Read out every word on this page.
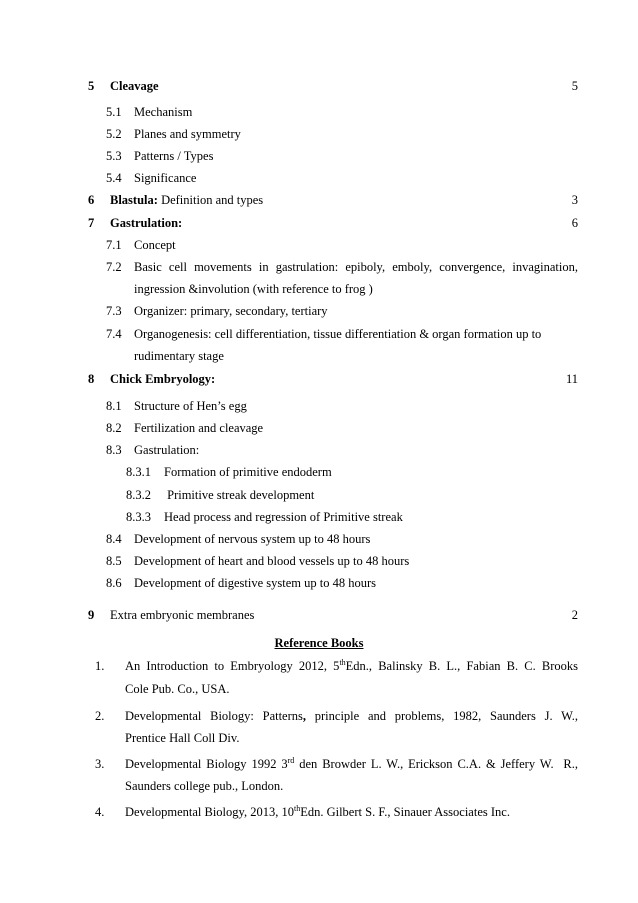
5 Cleavage	5
5.1 Mechanism
5.2 Planes and symmetry
5.3 Patterns / Types
5.4 Significance
6 Blastula: Definition and types	3
7 Gastrulation:	6
7.1 Concept
7.2 Basic cell movements in gastrulation: epiboly, emboly, convergence, invagination,
ingression &involution (with reference to frog )
7.3 Organizer: primary, secondary, tertiary
7.4 Organogenesis: cell differentiation, tissue differentiation & organ formation up to
rudimentary stage
8 Chick Embryology:	11
8.1 Structure of Hen’s egg
8.2 Fertilization and cleavage
8.3 Gastrulation:
8.3.1 Formation of primitive endoderm
8.3.2 Primitive streak development
8.3.3 Head process and regression of Primitive streak
8.4 Development of nervous system up to 48 hours
8.5 Development of heart and blood vessels up to 48 hours
8.6 Development of digestive system up to 48 hours
9 Extra embryonic membranes	2
Reference Books
1. An Introduction to Embryology 2012, 5thEdn., Balinsky B. L., Fabian B. C. Brooks
Cole Pub. Co., USA.
2. Developmental Biology: Patterns, principle and problems, 1982, Saunders J. W.,
Prentice Hall Coll Div.
3. Developmental Biology 1992 3rd den Browder L. W., Erickson C.A. & Jeffery W.  R.,
Saunders college pub., London.
4. Developmental Biology, 2013, 10thEdn. Gilbert S. F., Sinauer Associates Inc.
